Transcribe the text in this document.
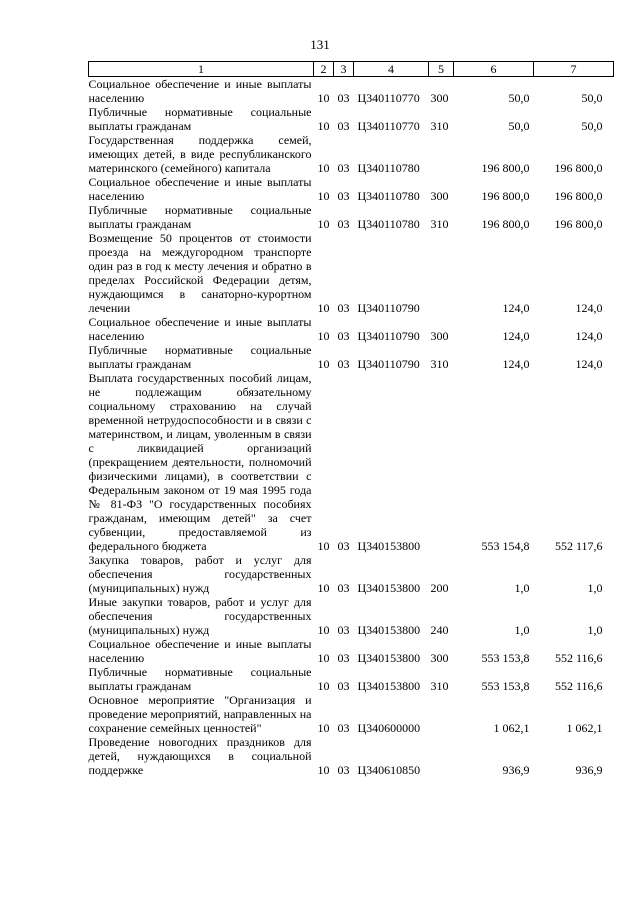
131
1	2	3	4	5	6	7

Социальное обеспечение и иные выплаты населению	10	03	Ц340110770	300	50,0	50,0

Публичные нормативные социальные выплаты гражданам	10	03	Ц340110770	310	50,0	50,0

Государственная поддержка семей, имеющих детей, в виде республиканского материнского (семейного) капитала	10	03	Ц340110780		196 800,0	196 800,0

Социальное обеспечение и иные выплаты населению	10	03	Ц340110780	300	196 800,0	196 800,0

Публичные нормативные социальные выплаты гражданам	10	03	Ц340110780	310	196 800,0	196 800,0

Возмещение 50 процентов от стоимости проезда на междугородном транспорте один раз в год к месту лечения и обратно в пределах Российской Федерации детям, нуждающимся в санаторно-курортном лечении	10	03	Ц340110790		124,0	124,0

Социальное обеспечение и иные выплаты населению	10	03	Ц340110790	300	124,0	124,0

Публичные нормативные социальные выплаты гражданам	10	03	Ц340110790	310	124,0	124,0

Выплата государственных пособий лицам, не подлежащим обязательному социальному страхованию на случай временной нетрудоспособности и в связи с материнством, и лицам, уволенным в связи с ликвидацией организаций (прекращением деятельности, полномочий физическими лицами), в соответствии с Федеральным законом от 19 мая 1995 года № 81-ФЗ "О государственных пособиях гражданам, имеющим детей" за счет субвенции, предоставляемой из федерального бюджета	10	03	Ц340153800		553 154,8	552 117,6

Закупка товаров, работ и услуг для обеспечения государственных (муниципальных) нужд	10	03	Ц340153800	200	1,0	1,0

Иные закупки товаров, работ и услуг для обеспечения государственных (муниципальных) нужд	10	03	Ц340153800	240	1,0	1,0

Социальное обеспечение и иные выплаты населению	10	03	Ц340153800	300	553 153,8	552 116,6

Публичные нормативные социальные выплаты гражданам	10	03	Ц340153800	310	553 153,8	552 116,6

Основное мероприятие "Организация и проведение мероприятий, направленных на сохранение семейных ценностей"	10	03	Ц340600000		1 062,1	1 062,1

Проведение новогодних праздников для детей, нуждающихся в социальной поддержке	10	03	Ц340610850		936,9	936,9
